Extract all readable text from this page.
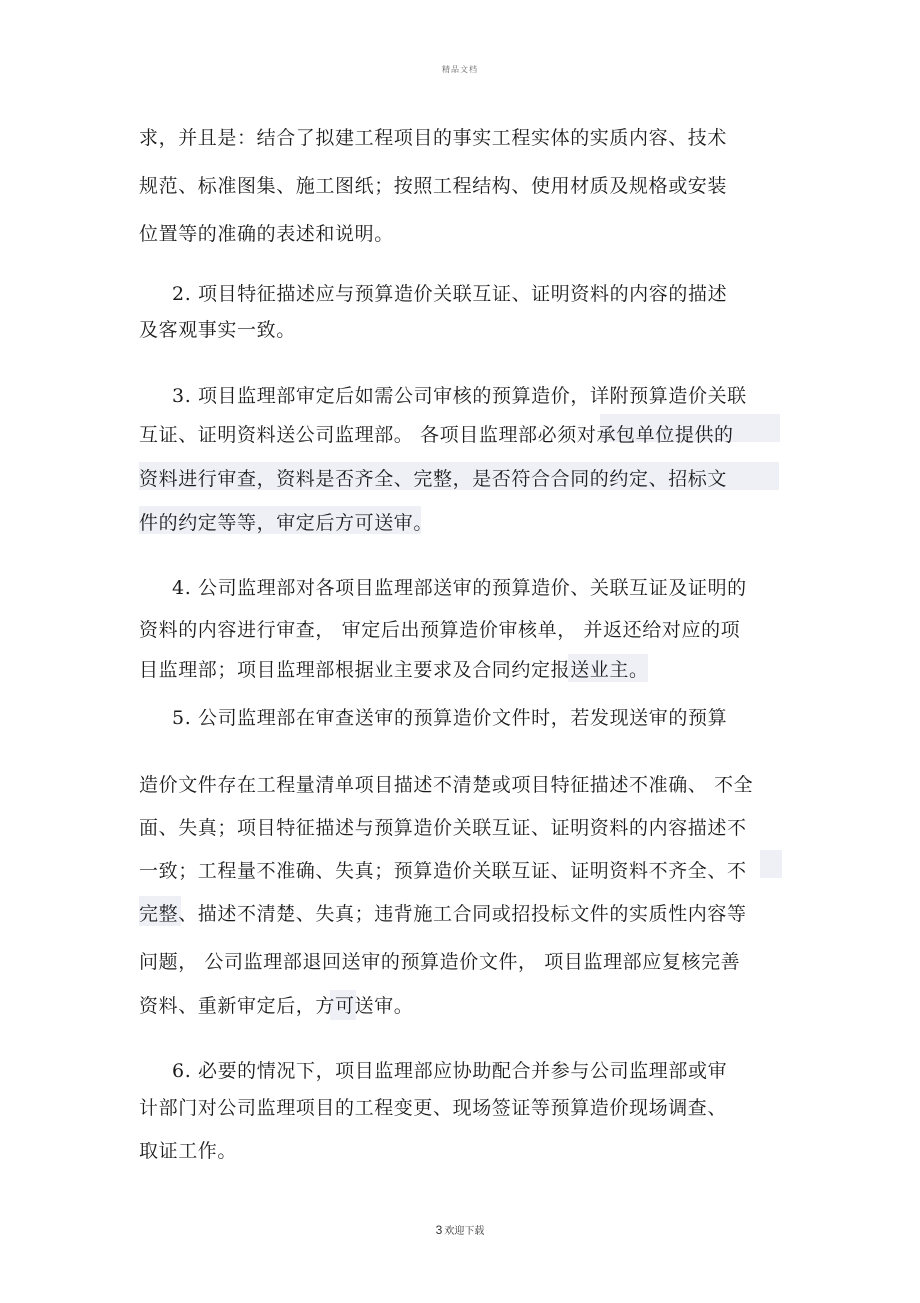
精品文档
求，并且是：结合了拟建工程项目的事实工程实体的实质内容、技术
规范、标准图集、施工图纸；按照工程结构、使用材质及规格或安装
位置等的准确的表述和说明。
2. 项目特征描述应与预算造价关联互证、证明资料的内容的描述
及客观事实一致。
3. 项目监理部审定后如需公司审核的预算造价，详附预算造价关联
互证、证明资料送公司监理部。 各项目监理部必须对承包单位提供的
资料进行审查，资料是否齐全、完整，是否符合合同的约定、招标文
件的约定等等，审定后方可送审。
4. 公司监理部对各项目监理部送审的预算造价、关联互证及证明的
资料的内容进行审查， 审定后出预算造价审核单， 并返还给对应的项
目监理部；项目监理部根据业主要求及合同约定报送业主。
5. 公司监理部在审查送审的预算造价文件时，若发现送审的预算
造价文件存在工程量清单项目描述不清楚或项目特征描述不准确、 不全
面、失真；项目特征描述与预算造价关联互证、证明资料的内容描述不
一致；工程量不准确、失真；预算造价关联互证、证明资料不齐全、不
完整、描述不清楚、失真；违背施工合同或招投标文件的实质性内容等
问题， 公司监理部退回送审的预算造价文件， 项目监理部应复核完善
资料、重新审定后，方可送审。
6. 必要的情况下，项目监理部应协助配合并参与公司监理部或审
计部门对公司监理项目的工程变更、现场签证等预算造价现场调查、
取证工作。
3 欢迎下载
